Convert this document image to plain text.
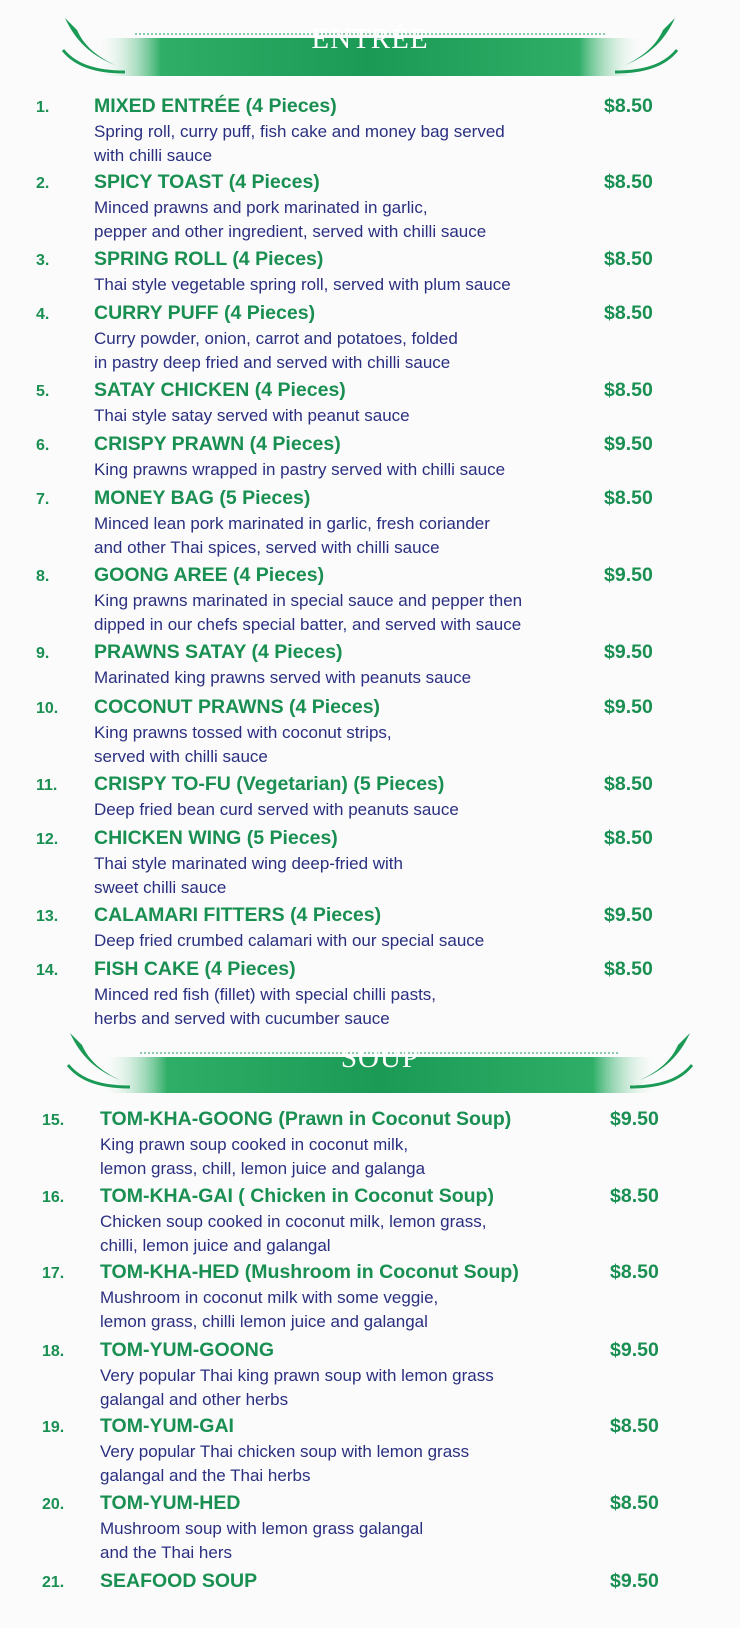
ENTRÉE
1. MIXED ENTRÉE (4 Pieces)	$8.50
Spring roll, curry puff, fish cake and money bag served
with chilli sauce
2. SPICY TOAST (4 Pieces)	$8.50
Minced prawns and pork marinated in garlic,
pepper and other ingredient, served with chilli sauce
3. SPRING ROLL (4 Pieces)	$8.50
Thai style vegetable spring roll, served with plum sauce
4. CURRY PUFF (4 Pieces)	$8.50
Curry powder, onion, carrot and potatoes, folded
in pastry deep fried and served with chilli sauce
5. SATAY CHICKEN (4 Pieces)	$8.50
Thai style satay served with peanut sauce
6. CRISPY PRAWN (4 Pieces)	$9.50
King prawns wrapped in pastry served with chilli sauce
7. MONEY BAG (5 Pieces)	$8.50
Minced lean pork marinated in garlic, fresh coriander
and other Thai spices, served with chilli sauce
8. GOONG AREE (4 Pieces)	$9.50
King prawns marinated in special sauce and pepper then
dipped in our chefs special batter, and served with sauce
9. PRAWNS SATAY (4 Pieces)	$9.50
Marinated king prawns served with peanuts sauce
10. COCONUT PRAWNS (4 Pieces)	$9.50
King prawns tossed with coconut strips,
served with chilli sauce
11. CRISPY TO-FU (Vegetarian) (5 Pieces)	$8.50
Deep fried bean curd served with peanuts sauce
12. CHICKEN WING (5 Pieces)	$8.50
Thai style marinated wing deep-fried with
sweet chilli sauce
13. CALAMARI FITTERS (4 Pieces)	$9.50
Deep fried crumbed calamari with our special sauce
14. FISH CAKE (4 Pieces)	$8.50
Minced red fish (fillet) with special chilli pasts,
herbs and served with cucumber sauce
SOUP
15. TOM-KHA-GOONG (Prawn in Coconut Soup)	$9.50
King prawn soup cooked in coconut milk,
lemon grass, chill, lemon juice and galanga
16. TOM-KHA-GAI ( Chicken in Coconut Soup)	$8.50
Chicken soup cooked in coconut milk, lemon grass,
chilli, lemon juice and galangal
17. TOM-KHA-HED (Mushroom in Coconut Soup)	$8.50
Mushroom in coconut milk with some veggie,
lemon grass, chilli lemon juice and galangal
18. TOM-YUM-GOONG	$9.50
Very popular Thai king prawn soup with lemon grass
galangal and other herbs
19. TOM-YUM-GAI	$8.50
Very popular Thai chicken soup with lemon grass
galangal and the Thai herbs
20. TOM-YUM-HED	$8.50
Mushroom soup with lemon grass galangal
and the Thai hers
21. SEAFOOD SOUP	$9.50
